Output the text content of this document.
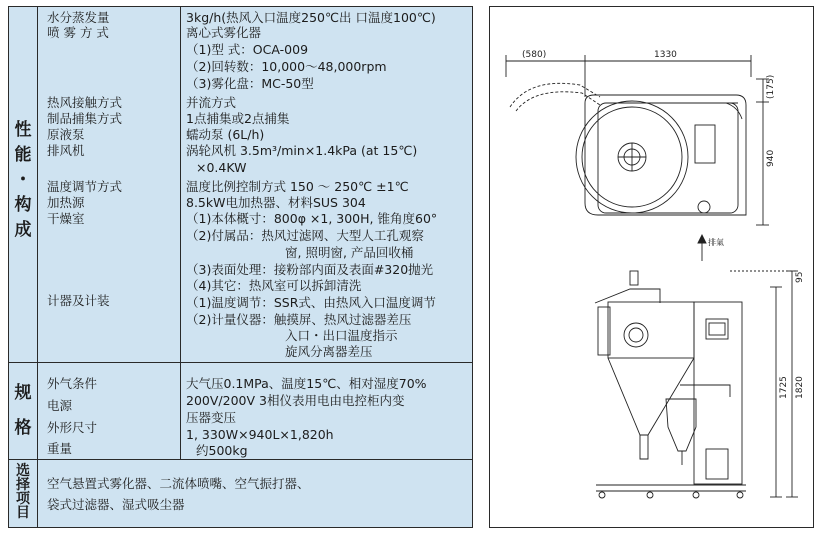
性
能
・
构
成
规
格
选
择
项
目
水分蒸发量
喷 雾 方 式
热风接触方式
制品捕集方式
原液泵
排风机
温度调节方式
加热源
干燥室
计器及计装
3kg/h(热风入口温度250℃出 口温度100℃)
离心式雾化器
（1)型 式：OCA-009
（2)回转数：10,000～48,000rpm
（3)雾化盘：MC-50型
并流方式
1点捕集或2点捕集
蠕动泵 (6L/h)
涡轮风机 3.5m³/min×1.4kPa (at 15℃)
×0.4KW
温度比例控制方式 150 ～ 250℃ ±1℃
8.5kW电加热器、材料SUS 304
（1)本体概寸：800φ ×1, 300H, 锥角度60°
（2)付属品：热风过滤网、大型人工孔观察
窗, 照明窗, 产品回收桶
（3)表面处理：接粉部内面及表面#320抛光
（4)其它：热风室可以拆卸清洗
（1)温度调节：SSR式、由热风入口温度调节
（2)计量仪器：触摸屏、热风过滤器差压
入口・出口温度指示
旋风分离器差压
外气条件
电源
外形尺寸
重量
大气压0.1MPa、温度15℃、相对湿度70%
200V/200V 3相仪表用电由电控柜内变
压器变压
1, 330W×940L×1,820h
约500kg
空气悬置式雾化器、二流体喷嘴、空气振打器、
袋式过滤器、湿式吸尘器
(580)	1330
(175)
940
95
1725 1820
排氣
